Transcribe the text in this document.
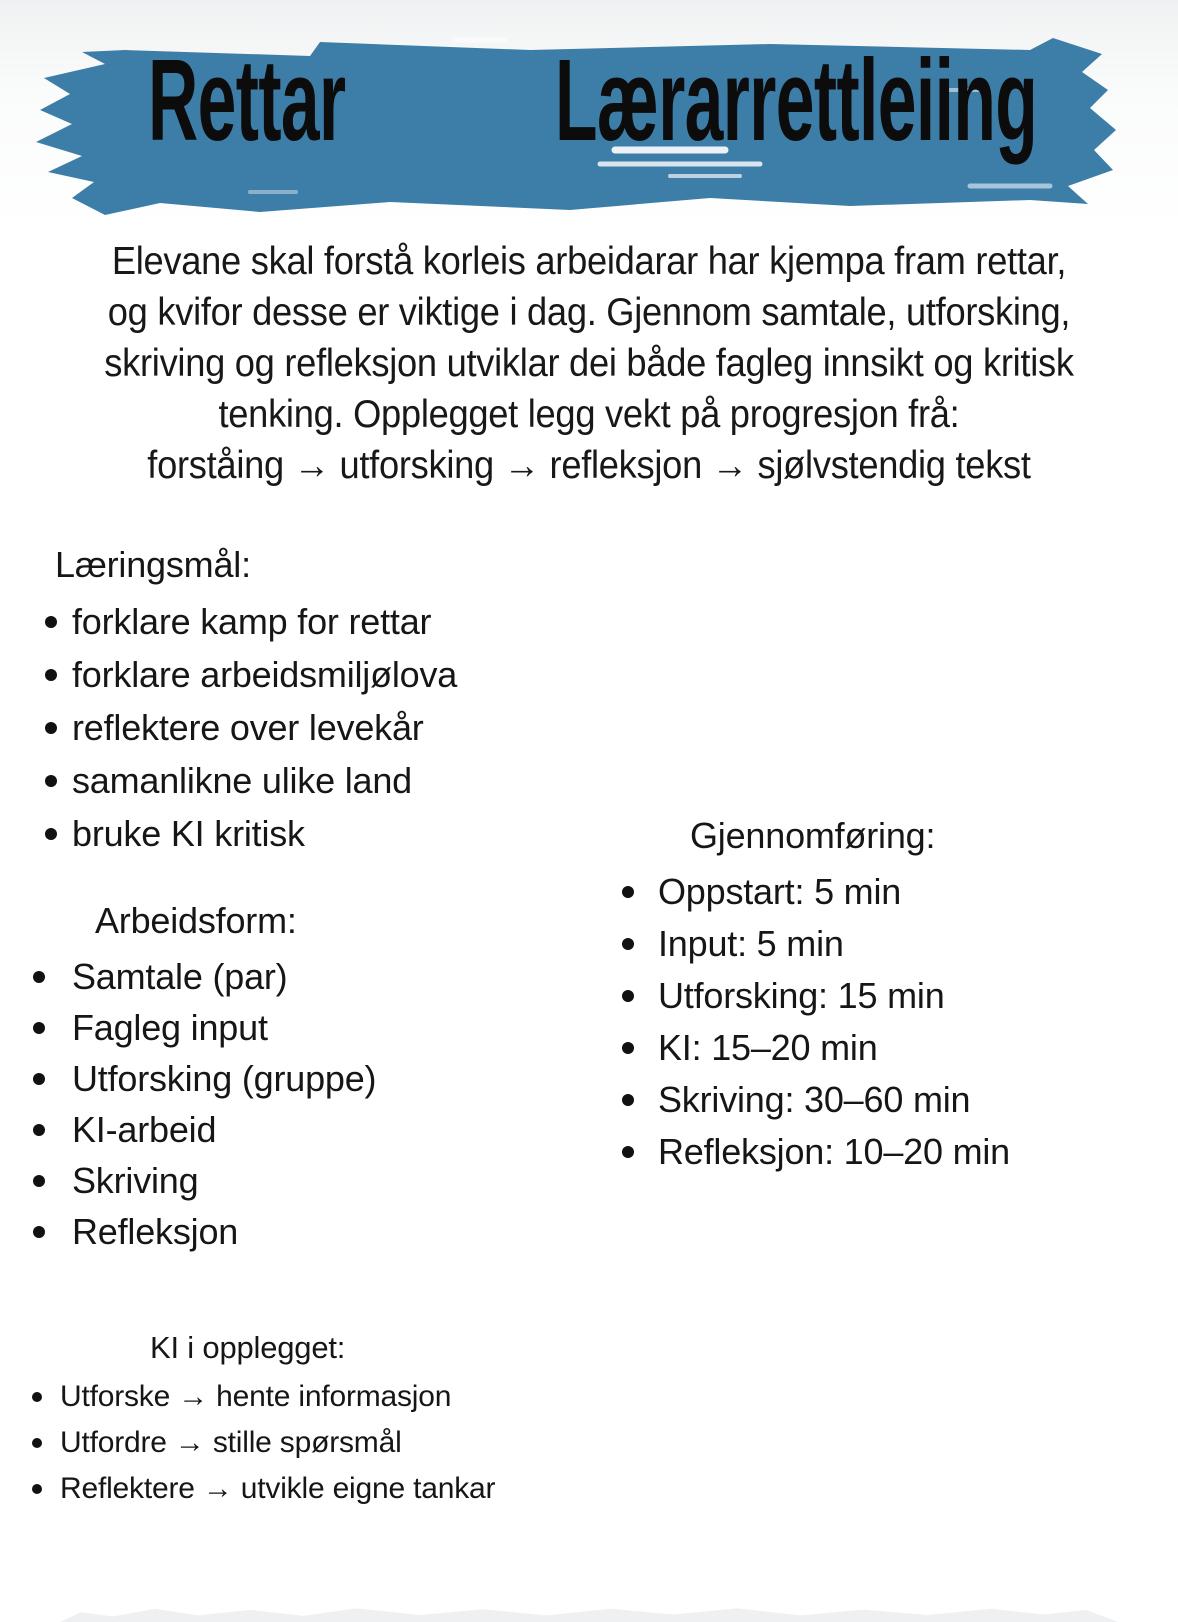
Rettar Lærarrettleiing
Elevane skal forstå korleis arbeidarar har kjempa fram rettar,
og kvifor desse er viktige i dag. Gjennom samtale, utforsking,
skriving og refleksjon utviklar dei både fagleg innsikt og kritisk
tenking. Opplegget legg vekt på progresjon frå:
forståing → utforsking → refleksjon → sjølvstendig tekst
Læringsmål:
forklare kamp for rettar
forklare arbeidsmiljølova
reflektere over levekår
samanlikne ulike land
bruke KI kritisk	Gjennomføring:
Oppstart: 5 min
Input: 5 min
Utforsking: 15 min
KI: 15–20 min
Skriving: 30–60 min
Refleksjon: 10–20 min
Arbeidsform:
Samtale (par)
Fagleg input
Utforsking (gruppe)
KI-arbeid
Skriving
Refleksjon
KI i opplegget:
Utforske → hente informasjon
Utfordre → stille spørsmål
Reflektere → utvikle eigne tankar
